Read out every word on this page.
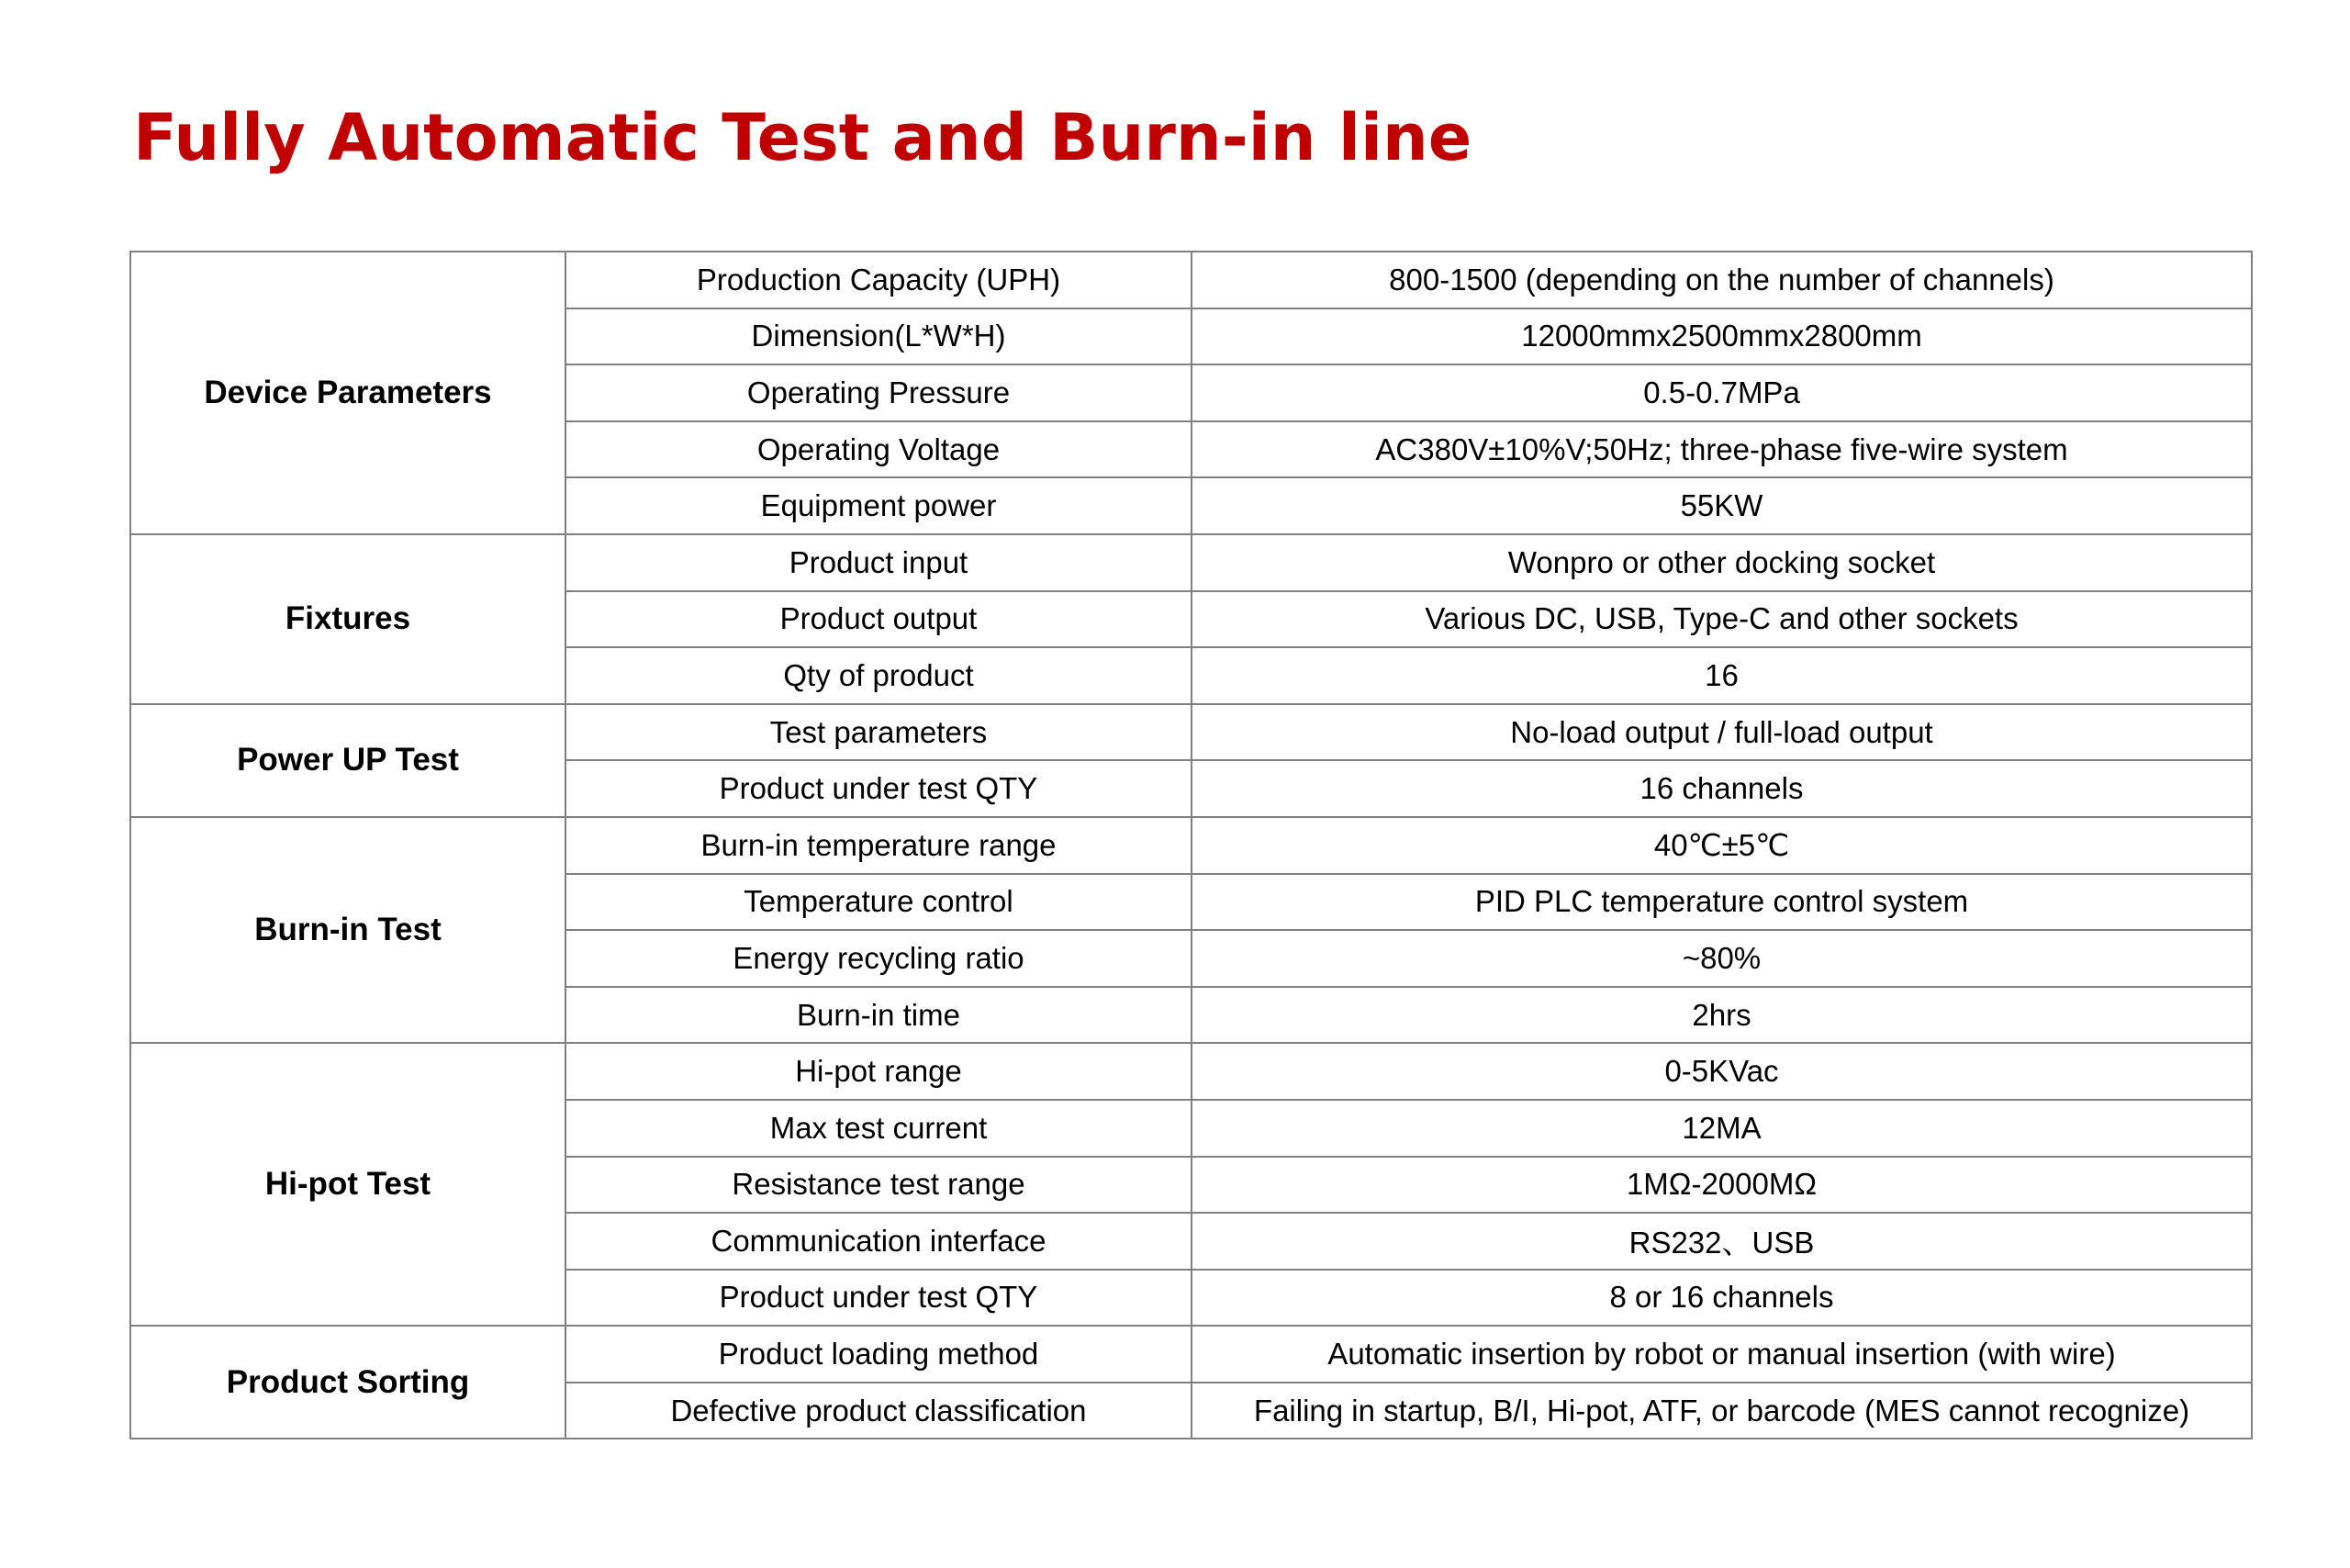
Fully Automatic Test and Burn-in line
Device Parameters	Production Capacity (UPH)	800-1500 (depending on the number of channels)
	Dimension(L*W*H)	12000mmx2500mmx2800mm
	Operating Pressure	0.5-0.7MPa
	Operating Voltage	AC380V±10%V;50Hz; three-phase five-wire system
	Equipment power	55KW
Fixtures	Product input	Wonpro or other docking socket
	Product output	Various DC, USB, Type-C and other sockets
	Qty of product	16
Power UP Test	Test parameters	No-load output / full-load output
	Product under test QTY	16 channels
Burn-in Test	Burn-in temperature range	40℃±5℃
	Temperature control	PID PLC temperature control system
	Energy recycling ratio	~80%
	Burn-in time	2hrs
Hi-pot Test	Hi-pot range	0-5KVac
	Max test current	12MA
	Resistance test range	1MΩ-2000MΩ
	Communication interface	RS232、USB
	Product under test QTY	8 or 16 channels
Product Sorting	Product loading method	Automatic insertion by robot or manual insertion (with wire)
	Defective product classification	Failing in startup, B/I, Hi-pot, ATF, or barcode (MES cannot recognize)
